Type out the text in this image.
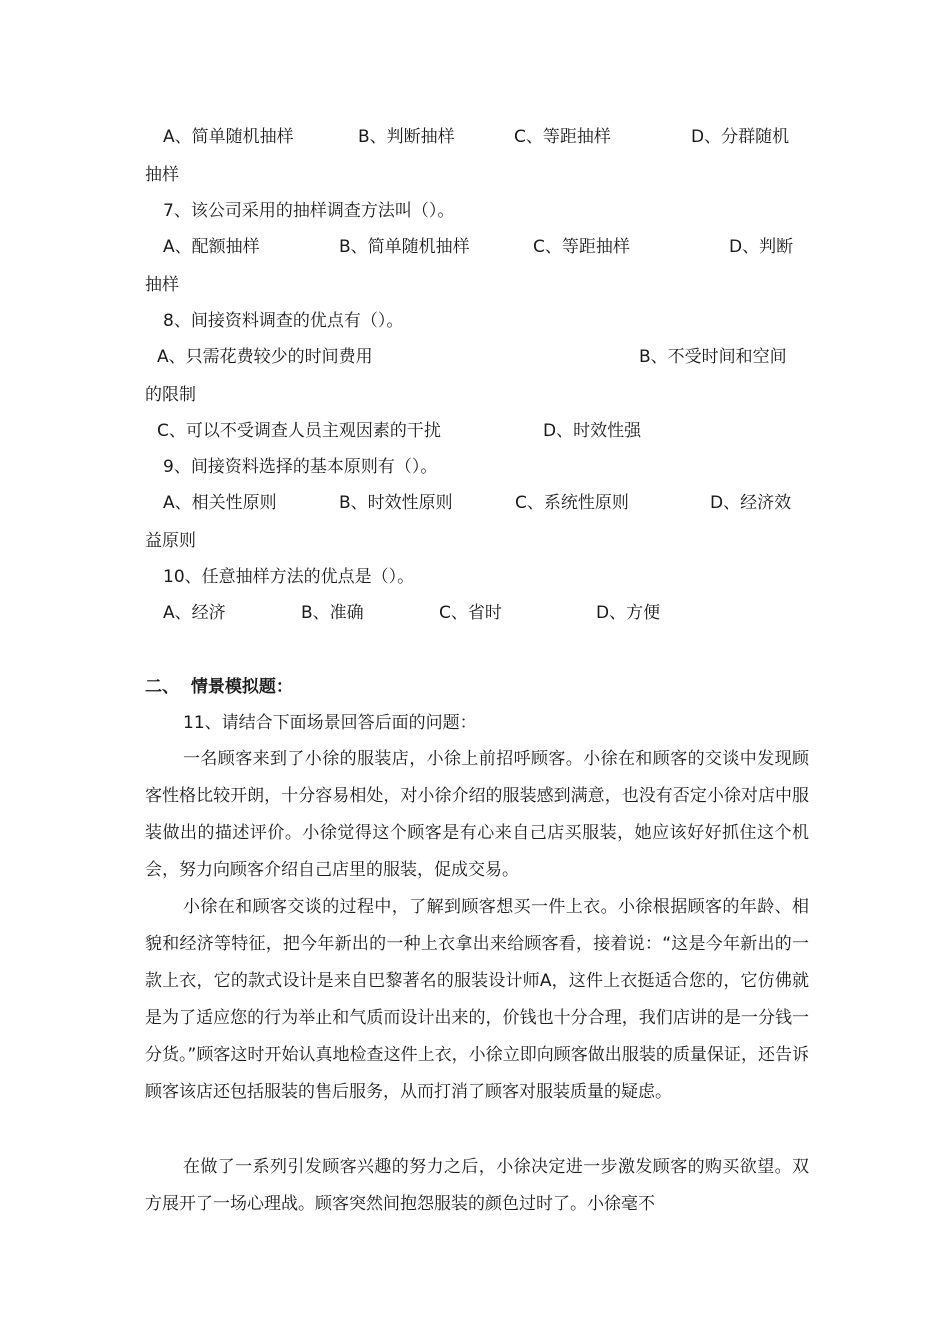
A、简单随机抽样	B、判断抽样	C、等距抽样	D、分群随机
抽样
7、该公司采用的抽样调查方法叫（）。
A、配额抽样	B、简单随机抽样	C、等距抽样	D、判断
抽样
8、间接资料调查的优点有（）。
A、只需花费较少的时间费用	B、不受时间和空间
的限制
C、可以不受调查人员主观因素的干扰	D、时效性强
9、间接资料选择的基本原则有（）。
A、相关性原则	B、时效性原则	C、系统性原则	D、经济效
益原则
10、任意抽样方法的优点是（）。
A、经济	B、准确	C、省时	D、方便
二、  情景模拟题：
11、请结合下面场景回答后面的问题：
一名顾客来到了小徐的服装店，小徐上前招呼顾客。小徐在和顾客的交谈中发现顾客性格比较开朗，十分容易相处，对小徐介绍的服装感到满意，也没有否定小徐对店中服装做出的描述评价。小徐觉得这个顾客是有心来自己店买服装，她应该好好抓住这个机会，努力向顾客介绍自己店里的服装，促成交易。
小徐在和顾客交谈的过程中，了解到顾客想买一件上衣。小徐根据顾客的年龄、相貌和经济等特征，把今年新出的一种上衣拿出来给顾客看，接着说：“这是今年新出的一款上衣，它的款式设计是来自巴黎著名的服装设计师A，这件上衣挺适合您的，它仿佛就是为了适应您的行为举止和气质而设计出来的，价钱也十分合理，我们店讲的是一分钱一分货。”顾客这时开始认真地检查这件上衣，小徐立即向顾客做出服装的质量保证，还告诉顾客该店还包括服装的售后服务，从而打消了顾客对服装质量的疑虑。
在做了一系列引发顾客兴趣的努力之后，小徐决定进一步激发顾客的购买欲望。双方展开了一场心理战。顾客突然间抱怨服装的颜色过时了。小徐毫不
